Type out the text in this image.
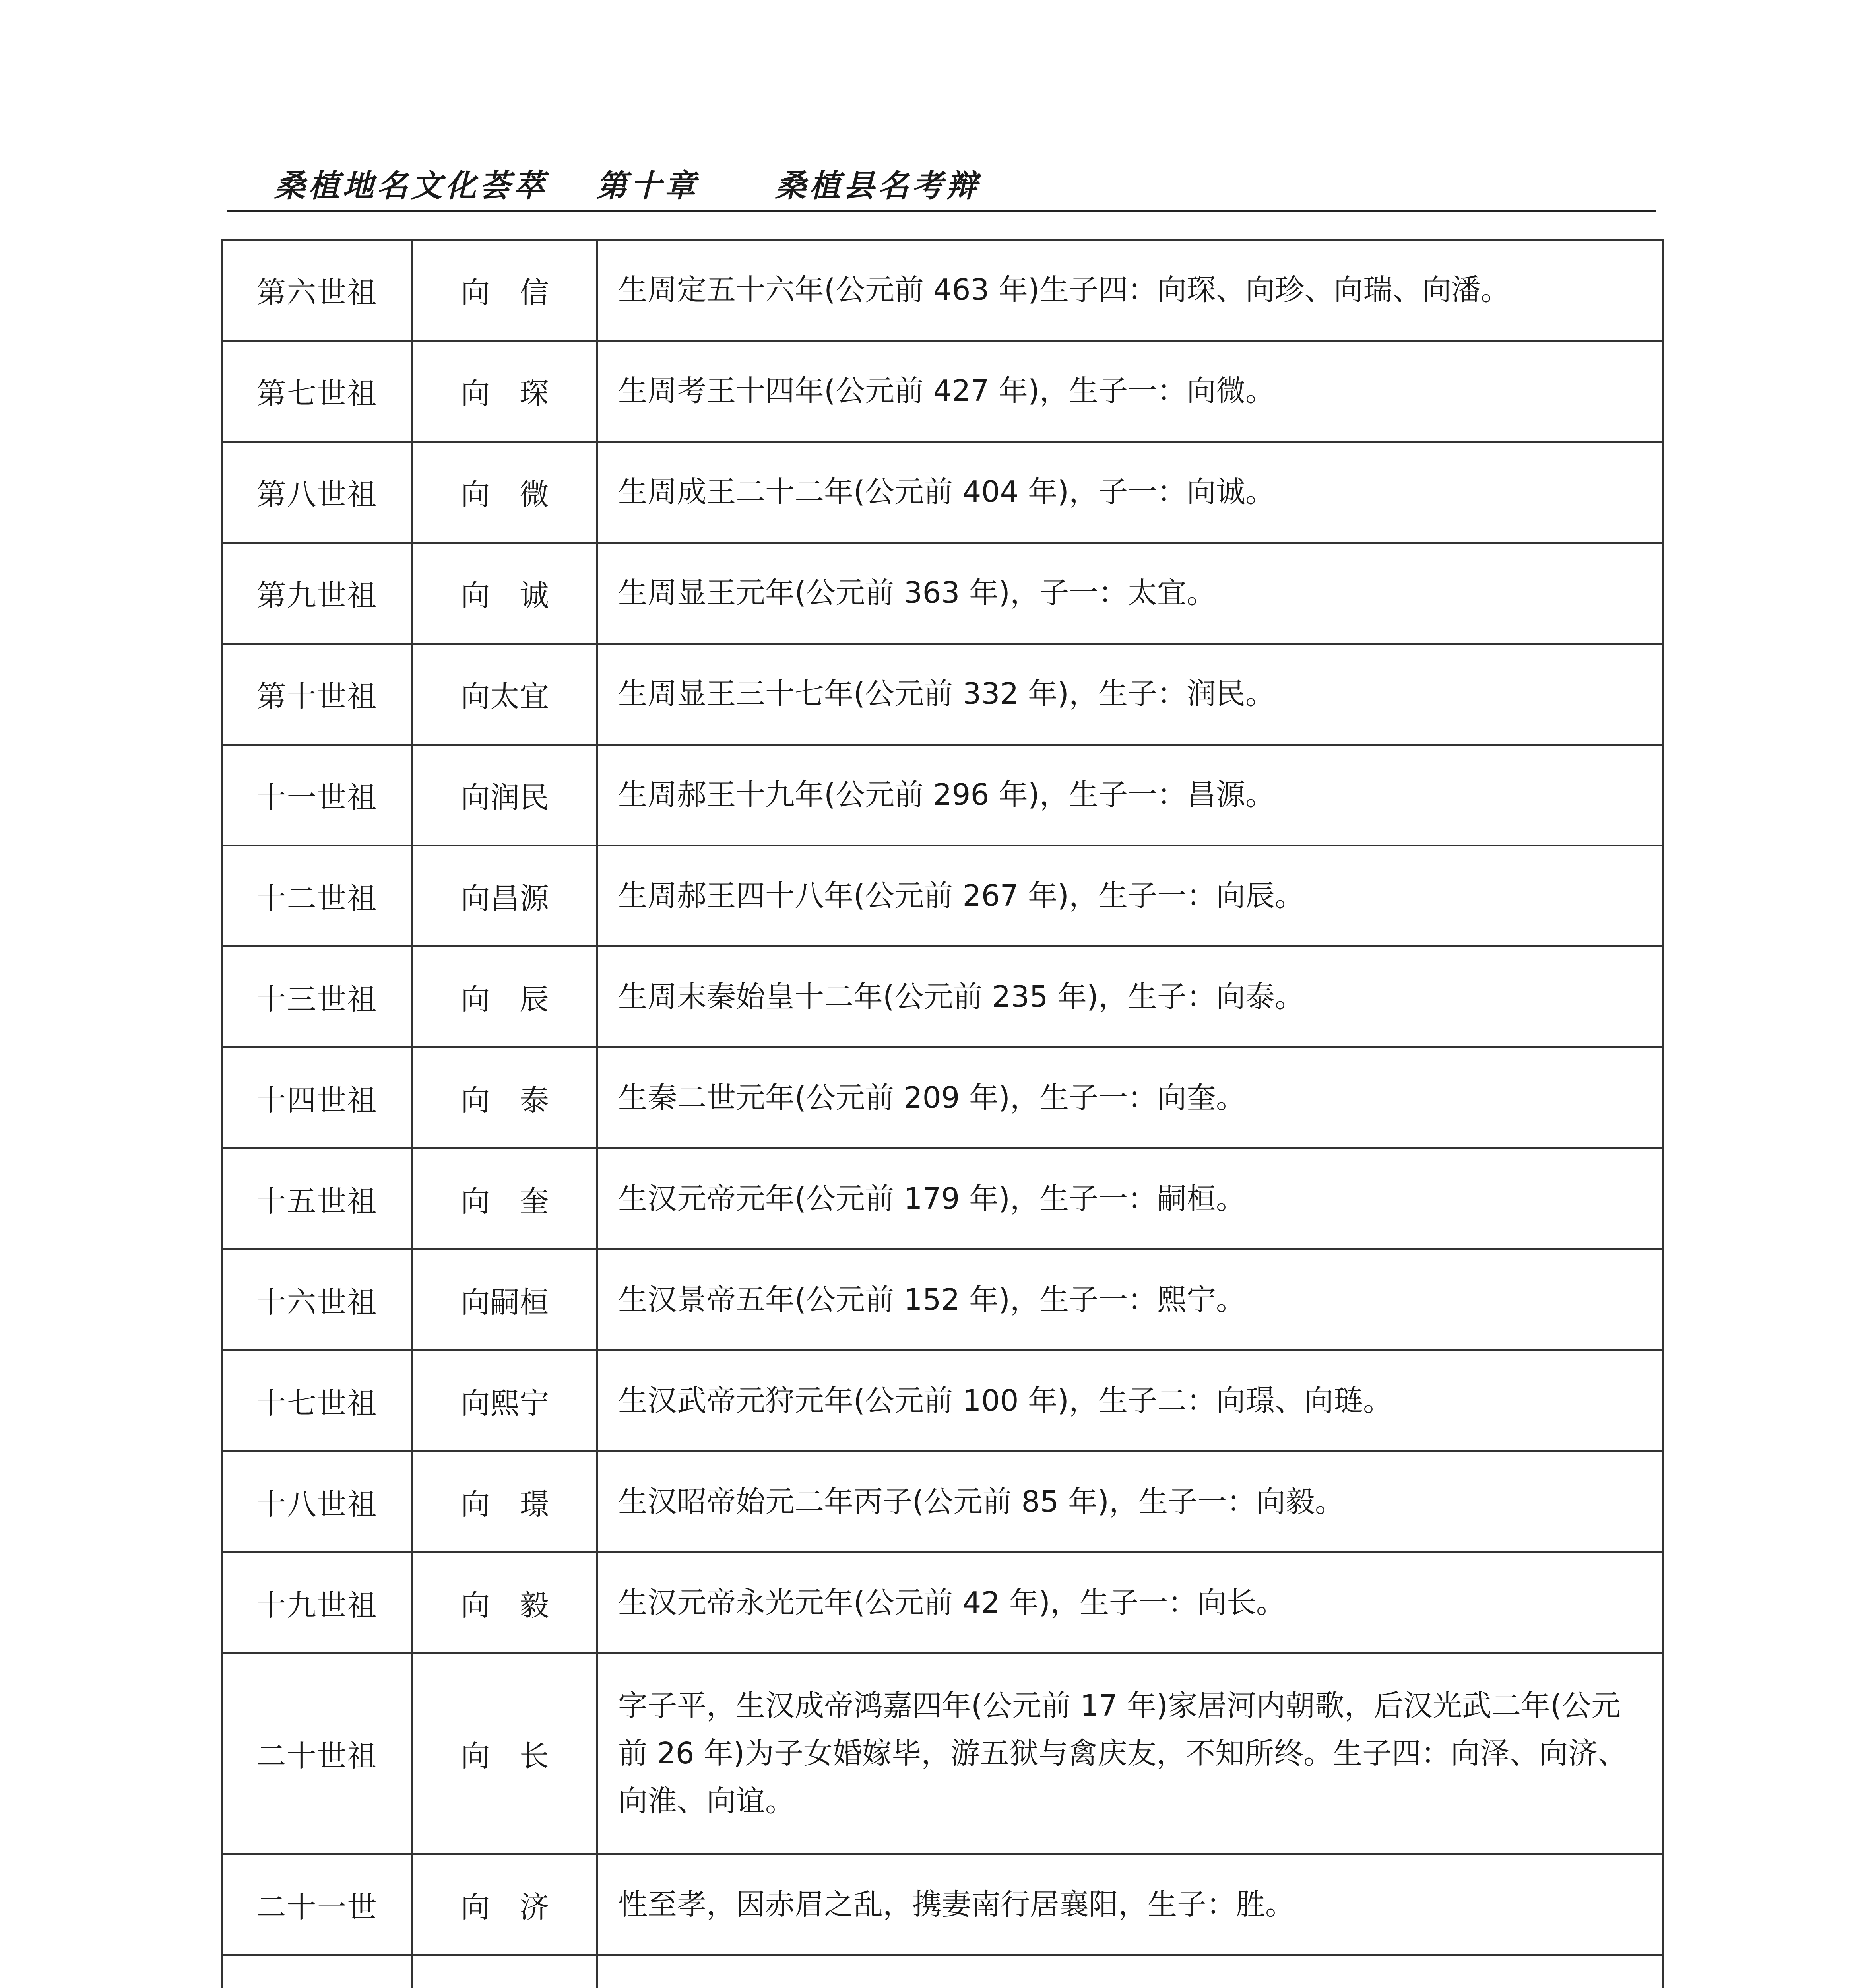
桑植地名文化荟萃 第十章 桑植县名考辩
第六世祖	向　信	生周定五十六年(公元前 463 年)生子四：向琛、向珍、向瑞、向潘。
第七世祖	向　琛	生周考王十四年(公元前 427 年)，生子一：向微。
第八世祖	向　微	生周成王二十二年(公元前 404 年)，子一：向诚。
第九世祖	向　诚	生周显王元年(公元前 363 年)，子一：太宜。
第十世祖	向太宜	生周显王三十七年(公元前 332 年)，生子：润民。
十一世祖	向润民	生周郝王十九年(公元前 296 年)，生子一：昌源。
十二世祖	向昌源	生周郝王四十八年(公元前 267 年)，生子一：向辰。
十三世祖	向　辰	生周末秦始皇十二年(公元前 235 年)，生子：向泰。
十四世祖	向　泰	生秦二世元年(公元前 209 年)，生子一：向奎。
十五世祖	向　奎	生汉元帝元年(公元前 179 年)，生子一：嗣桓。
十六世祖	向嗣桓	生汉景帝五年(公元前 152 年)，生子一：熙宁。
十七世祖	向熙宁	生汉武帝元狩元年(公元前 100 年)，生子二：向璟、向琏。
十八世祖	向　璟	生汉昭帝始元二年丙子(公元前 85 年)，生子一：向毅。
十九世祖	向　毅	生汉元帝永光元年(公元前 42 年)，生子一：向长。
二十世祖	向　长	字子平，生汉成帝鸿嘉四年(公元前 17 年)家居河内朝歌，后汉光武二年(公元前 26 年)为子女婚嫁毕，游五狱与禽庆友，不知所终。生子四：向泽、向济、向淮、向谊。
二十一世	向　济	性至孝，因赤眉之乱，携妻南行居襄阳，生子：胜。
